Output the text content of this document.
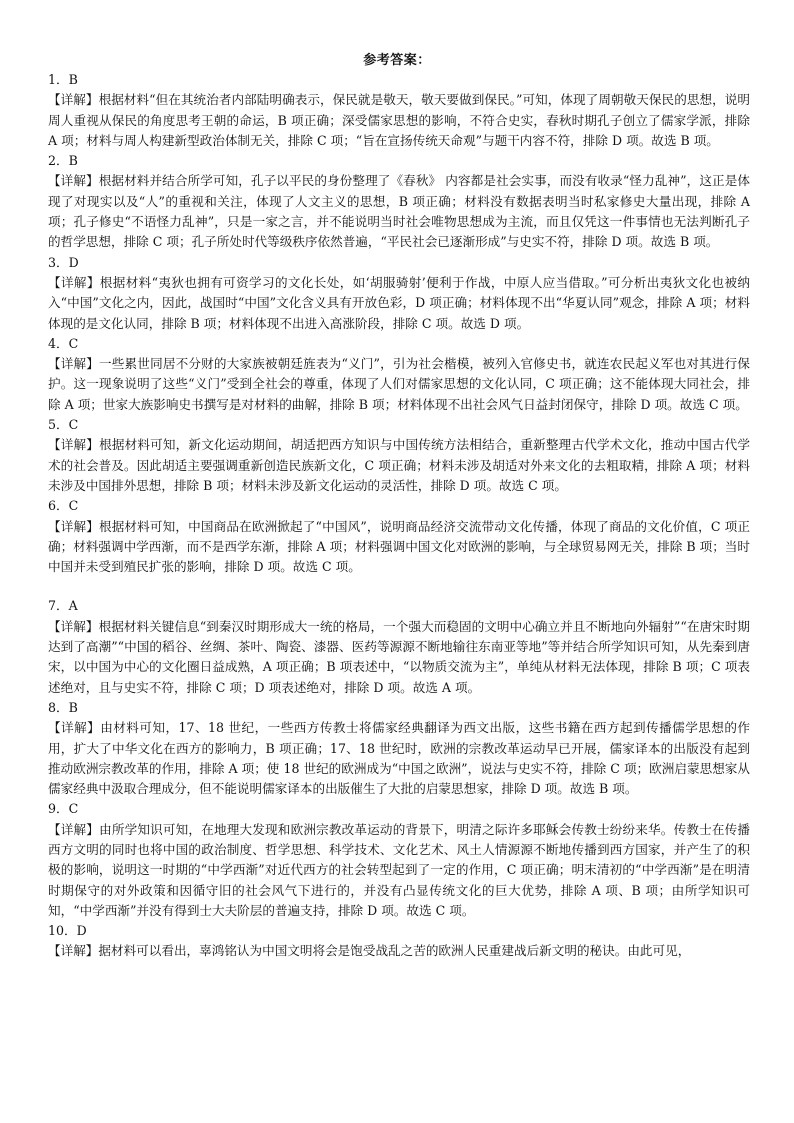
参考答案：
1．B

【详解】根据材料“但在其统治者内部陆明确表示，保民就是敬天，敬天要做到保民。”可知，体现了周朝敬天保民的思想，说明周人重视从保民的角度思考王朝的命运，B 项正确；深受儒家思想的影响，不符合史实，春秋时期孔子创立了儒家学派，排除 A 项；材料与周人构建新型政治体制无关，排除 C 项；“旨在宣扬传统天命观”与题干内容不符，排除 D 项。故选 B 项。

2．B

【详解】根据材料并结合所学可知，孔子以平民的身份整理了《春秋》 内容都是社会实事，而没有收录“怪力乱神”，这正是体现了对现实以及“人”的重视和关注，体现了人文主义的思想，B 项正确；材料没有数据表明当时私家修史大量出现，排除 A 项；孔子修史“不语怪力乱神”，只是一家之言，并不能说明当时社会唯物思想成为主流，而且仅凭这一件事情也无法判断孔子的哲学思想，排除 C 项；孔子所处时代等级秩序依然普遍，“平民社会已逐渐形成”与史实不符，排除 D 项。故选 B 项。

3．D

【详解】根据材料“夷狄也拥有可资学习的文化长处，如‘胡服骑射’便利于作战，中原人应当借取。”可分析出夷狄文化也被纳入“中国”文化之内，因此，战国时“中国”文化含义具有开放色彩，D 项正确；材料体现不出“华夏认同”观念，排除 A 项；材料体现的是文化认同，排除 B 项；材料体现不出进入高涨阶段，排除 C 项。故选 D 项。

4．C

【详解】一些累世同居不分财的大家族被朝廷旌表为“义门”，引为社会楷模，被列入官修史书，就连农民起义军也对其进行保护。这一现象说明了这些“义门”受到全社会的尊重，体现了人们对儒家思想的文化认同，C 项正确；这不能体现大同社会，排除 A 项；世家大族影响史书撰写是对材料的曲解，排除 B 项；材料体现不出社会风气日益封闭保守，排除 D 项。故选 C 项。

5．C

【详解】根据材料可知，新文化运动期间，胡适把西方知识与中国传统方法相结合，重新整理古代学术文化，推动中国古代学术的社会普及。因此胡适主要强调重新创造民族新文化，C 项正确；材料未涉及胡适对外来文化的去粗取精，排除 A 项；材料未涉及中国排外思想，排除 B 项；材料未涉及新文化运动的灵活性，排除 D 项。故选 C 项。

6．C

【详解】根据材料可知，中国商品在欧洲掀起了“中国风”，说明商品经济交流带动文化传播，体现了商品的文化价值，C 项正确；材料强调中学西渐，而不是西学东渐，排除 A 项；材料强调中国文化对欧洲的影响，与全球贸易网无关，排除 B 项；当时中国并未受到殖民扩张的影响，排除 D 项。故选 C 项。

7．A

【详解】根据材料关键信息“到秦汉时期形成大一统的格局，一个强大而稳固的文明中心确立并且不断地向外辐射”“在唐宋时期达到了高潮”“中国的稻谷、丝绸、茶叶、陶瓷、漆器、医药等源源不断地输往东南亚等地”等并结合所学知识可知，从先秦到唐宋，以中国为中心的文化圈日益成熟，A 项正确；B 项表述中，“以物质交流为主”，单纯从材料无法体现，排除 B 项；C 项表述绝对，且与史实不符，排除 C 项；D 项表述绝对，排除 D 项。故选 A 项。

8．B

【详解】由材料可知，17、18 世纪，一些西方传教士将儒家经典翻译为西文出版，这些书籍在西方起到传播儒学思想的作用，扩大了中华文化在西方的影响力，B 项正确；17、18 世纪时，欧洲的宗教改革运动早已开展，儒家译本的出版没有起到推动欧洲宗教改革的作用，排除 A 项；使 18 世纪的欧洲成为“中国之欧洲”，说法与史实不符，排除 C 项；欧洲启蒙思想家从儒家经典中汲取合理成分，但不能说明儒家译本的出版催生了大批的启蒙思想家，排除 D 项。故选 B 项。

9．C

【详解】由所学知识可知，在地理大发现和欧洲宗教改革运动的背景下，明清之际许多耶稣会传教士纷纷来华。传教士在传播西方文明的同时也将中国的政治制度、哲学思想、科学技术、文化艺术、风土人情源源不断地传播到西方国家，并产生了的积极的影响，说明这一时期的“中学西渐”对近代西方的社会转型起到了一定的作用，C 项正确；明末清初的“中学西渐”是在明清时期保守的对外政策和因循守旧的社会风气下进行的，并没有凸显传统文化的巨大优势，排除 A 项、B 项；由所学知识可知，“中学西渐”并没有得到士大夫阶层的普遍支持，排除 D 项。故选 C 项。

10．D

【详解】据材料可以看出，辜鸿铭认为中国文明将会是饱受战乱之苦的欧洲人民重建战后新文明的秘诀。由此可见，
